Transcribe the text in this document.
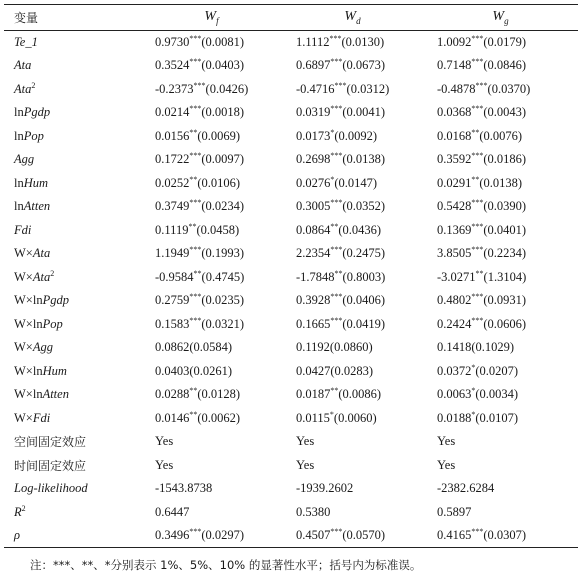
变量	$W_f$	$W_d$	$W_g$
Te_1	0.9730***(0.0081)	1.1112***(0.0130)	1.0092***(0.0179)
Ata	0.3524***(0.0403)	0.6897***(0.0673)	0.7148***(0.0846)
Ata$^2$	-0.2373***(0.0426)	-0.4716***(0.0312)	-0.4878***(0.0370)
lnPgdp	0.0214***(0.0018)	0.0319***(0.0041)	0.0368***(0.0043)
lnPop	0.0156**(0.0069)	0.0173*(0.0092)	0.0168**(0.0076)
Agg	0.1722***(0.0097)	0.2698***(0.0138)	0.3592***(0.0186)
lnHum	0.0252**(0.0106)	0.0276*(0.0147)	0.0291**(0.0138)
lnAtten	0.3749***(0.0234)	0.3005***(0.0352)	0.5428***(0.0390)
Fdi	0.1119**(0.0458)	0.0864**(0.0436)	0.1369***(0.0401)
W×Ata	1.1949***(0.1993)	2.2354***(0.2475)	3.8505***(0.2234)
W×Ata$^2$	-0.9584**(0.4745)	-1.7848**(0.8003)	-3.0271**(1.3104)
W×lnPgdp	0.2759***(0.0235)	0.3928***(0.0406)	0.4802***(0.0931)
W×lnPop	0.1583***(0.0321)	0.1665***(0.0419)	0.2424***(0.0606)
W×Agg	0.0862(0.0584)	0.1192(0.0860)	0.1418(0.1029)
W×lnHum	0.0403(0.0261)	0.0427(0.0283)	0.0372*(0.0207)
W×lnAtten	0.0288**(0.0128)	0.0187**(0.0086)	0.0063*(0.0034)
W×Fdi	0.0146**(0.0062)	0.0115*(0.0060)	0.0188*(0.0107)
空间固定效应	Yes	Yes	Yes
时间固定效应	Yes	Yes	Yes
Log-likelihood	-1543.8738	-1939.2602	-2382.6284
$R^2$	0.6447	0.5380	0.5897
ρ	0.3496***(0.0297)	0.4507***(0.0570)	0.4165***(0.0307)
注：***、**、*分别表示 1%、5%、10% 的显著性水平；括号内为标准误。
